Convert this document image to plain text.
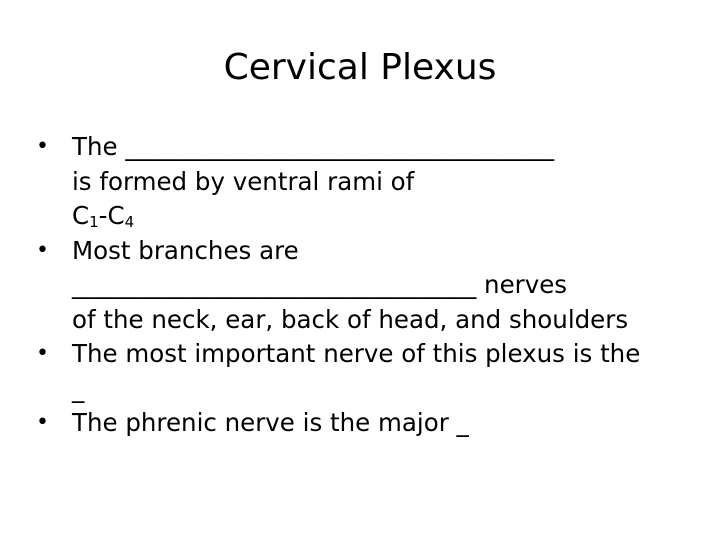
Cervical Plexus
• The ___________________________________
is formed by ventral rami of
$C_1-C_4$
• Most branches are
_________________________________ nerves
of the neck, ear, back of head, and shoulders
• The most important nerve of this plexus is the
_
• The phrenic nerve is the major _
